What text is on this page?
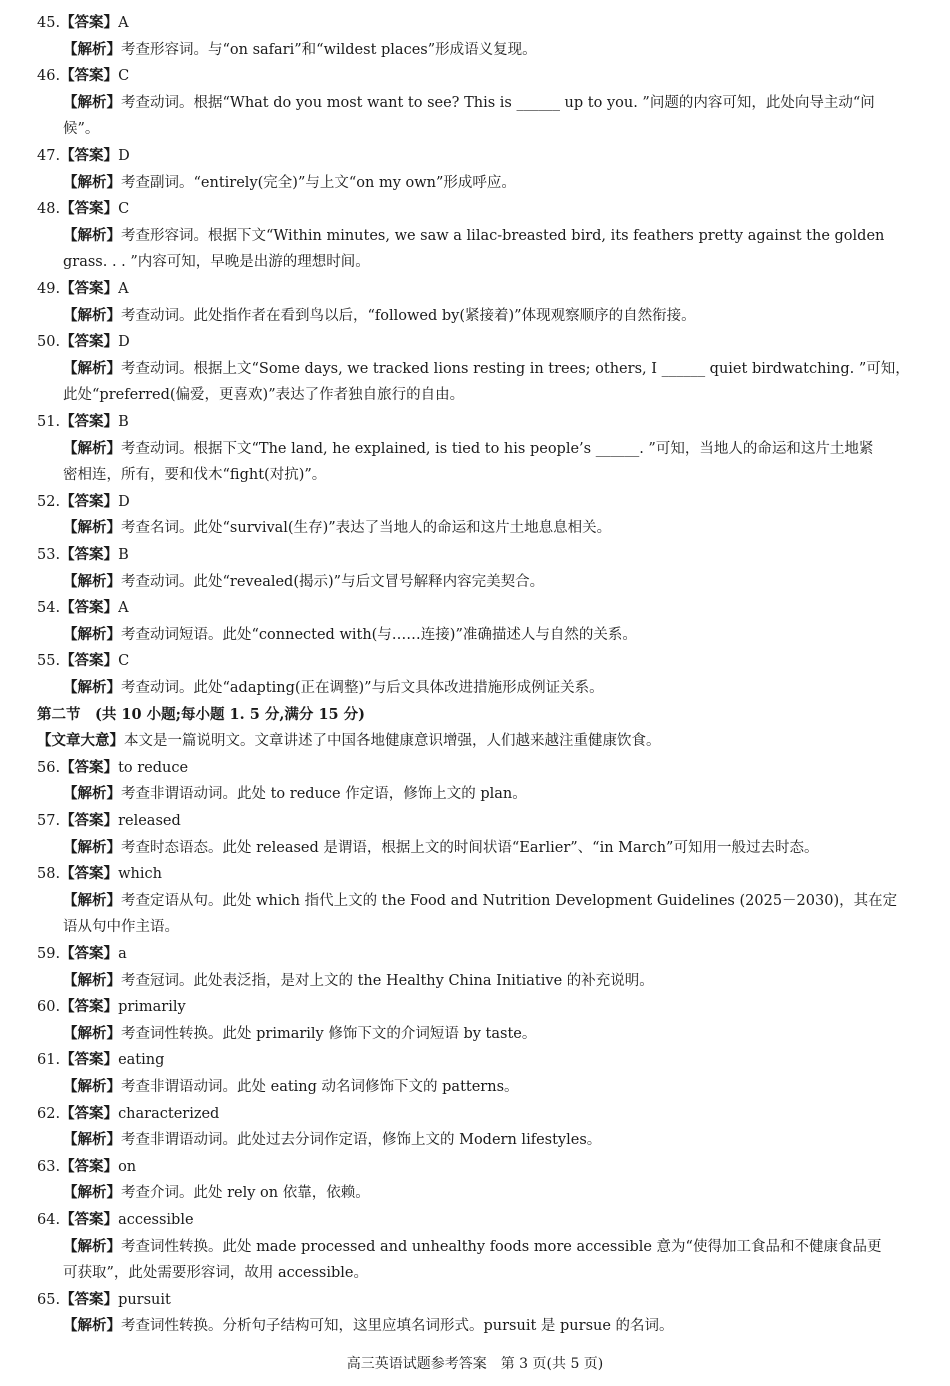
45.【答案】A
【解析】考查形容词。与“on safari”和“wildest places”形成语义复现。
46.【答案】C
【解析】考查动词。根据“What do you most want to see? This is ______ up to you. ”问题的内容可知，此处向导主动“问
候”。
47.【答案】D
【解析】考查副词。“entirely(完全)”与上文“on my own”形成呼应。
48.【答案】C
【解析】考查形容词。根据下文“Within minutes, we saw a lilac-breasted bird, its feathers pretty against the golden
grass. . . ”内容可知，早晚是出游的理想时间。
49.【答案】A
【解析】考查动词。此处指作者在看到鸟以后，“followed by(紧接着)”体现观察顺序的自然衔接。
50.【答案】D
【解析】考查动词。根据上文“Some days, we tracked lions resting in trees; others, I ______ quiet birdwatching. ”可知，
此处“preferred(偏爱，更喜欢)”表达了作者独自旅行的自由。
51.【答案】B
【解析】考查动词。根据下文“The land, he explained, is tied to his people’s ______. ”可知，当地人的命运和这片土地紧
密相连，所有，要和伐木“fight(对抗)”。
52.【答案】D
【解析】考查名词。此处“survival(生存)”表达了当地人的命运和这片土地息息相关。
53.【答案】B
【解析】考查动词。此处“revealed(揭示)”与后文冒号解释内容完美契合。
54.【答案】A
【解析】考查动词短语。此处“connected with(与……连接)”准确描述人与自然的关系。
55.【答案】C
【解析】考查动词。此处“adapting(正在调整)”与后文具体改进措施形成例证关系。
第二节　(共 10 小题;每小题 1. 5 分,满分 15 分)
【文章大意】本文是一篇说明文。文章讲述了中国各地健康意识增强，人们越来越注重健康饮食。
56.【答案】to reduce
【解析】考查非谓语动词。此处 to reduce 作定语，修饰上文的 plan。
57.【答案】released
【解析】考查时态语态。此处 released 是谓语，根据上文的时间状语“Earlier”、“in March”可知用一般过去时态。
58.【答案】which
【解析】考查定语从句。此处 which 指代上文的 the Food and Nutrition Development Guidelines (2025－2030)，其在定
语从句中作主语。
59.【答案】a
【解析】考查冠词。此处表泛指，是对上文的 the Healthy China Initiative 的补充说明。
60.【答案】primarily
【解析】考查词性转换。此处 primarily 修饰下文的介词短语 by taste。
61.【答案】eating
【解析】考查非谓语动词。此处 eating 动名词修饰下文的 patterns。
62.【答案】characterized
【解析】考查非谓语动词。此处过去分词作定语，修饰上文的 Modern lifestyles。
63.【答案】on
【解析】考查介词。此处 rely on 依靠，依赖。
64.【答案】accessible
【解析】考查词性转换。此处 made processed and unhealthy foods more accessible 意为“使得加工食品和不健康食品更
可获取”，此处需要形容词，故用 accessible。
65.【答案】pursuit
【解析】考查词性转换。分析句子结构可知，这里应填名词形式。pursuit 是 pursue 的名词。
高三英语试题参考答案　第 3 页(共 5 页)
